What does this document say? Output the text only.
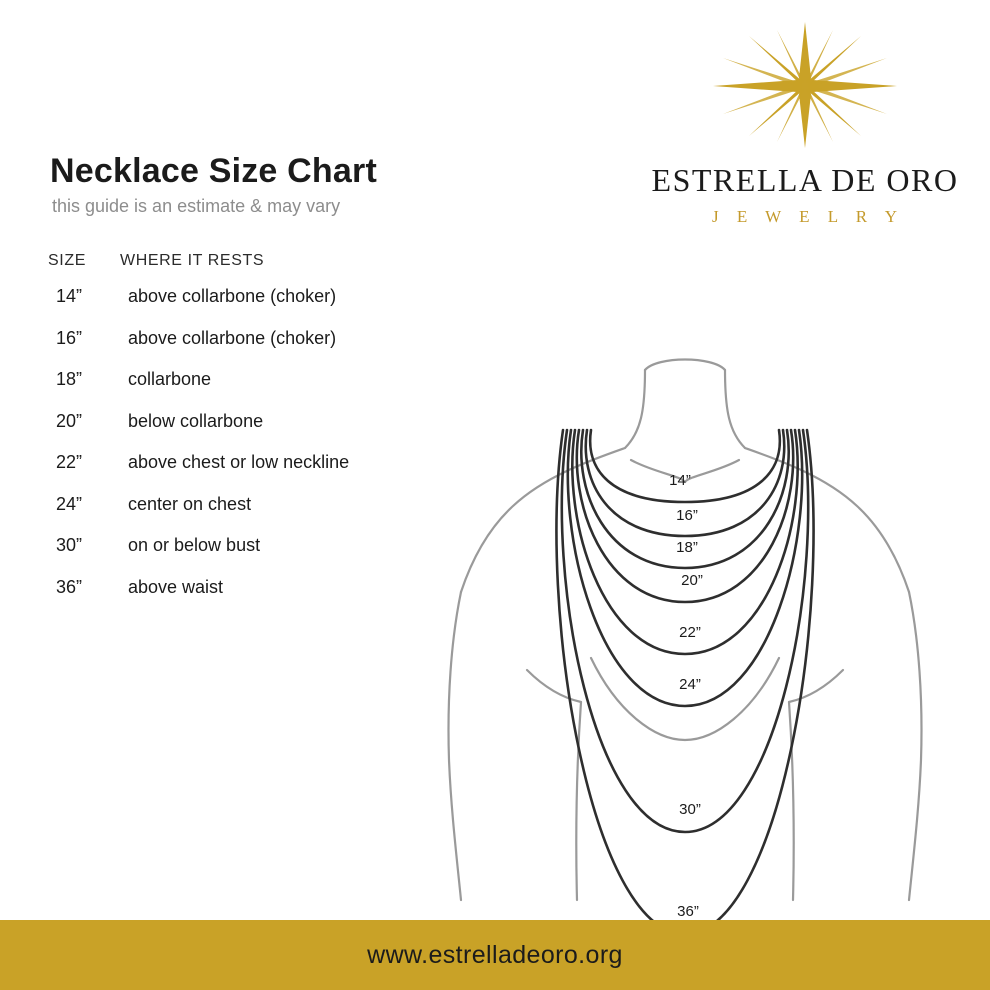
ESTRELLA DE ORO
J E W E L R Y
Necklace Size Chart
this guide is an estimate & may vary
SIZE	WHERE IT RESTS
14”	above collarbone (choker)
16”	above collarbone (choker)
18”	collarbone
20”	below collarbone
22”	above chest or low neckline
24”	center on chest
30”	on or below bust
36”	above waist
14”
16”
18”
20”
22”
24”
30”
36”
www.estrelladeoro.org
